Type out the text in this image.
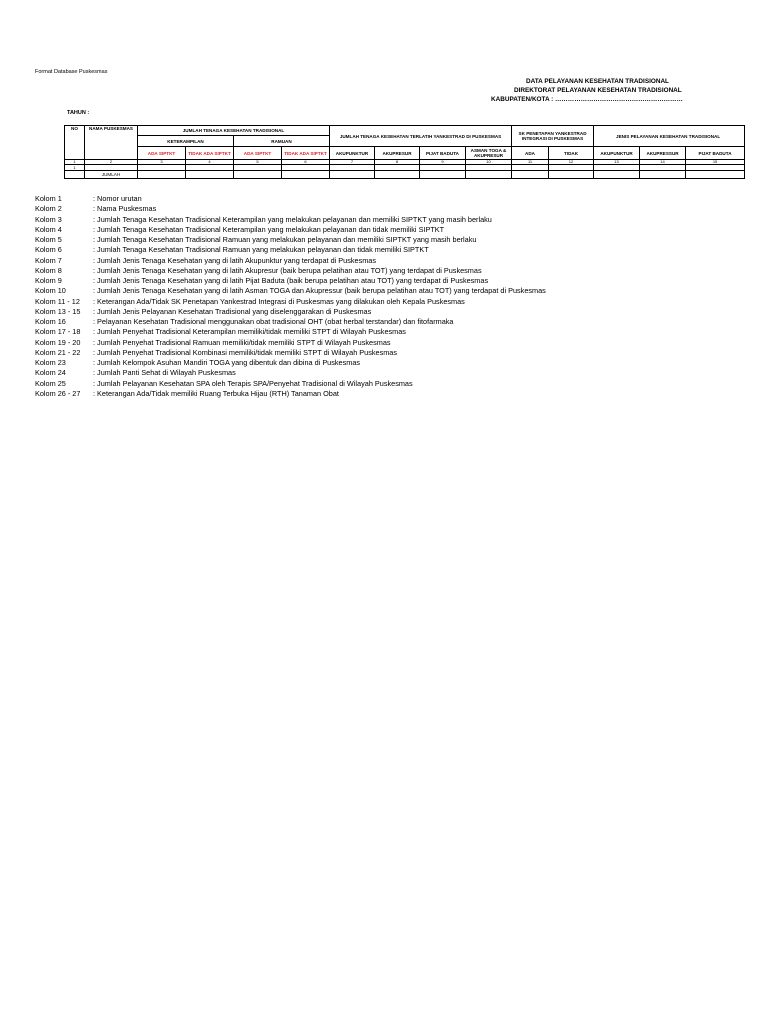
Format Database Puskesmas
DATA PELAYANAN KESEHATAN TRADISIONAL
DIREKTORAT PELAYANAN KESEHATAN TRADISIONAL
KABUPATEN/KOTA : ……………………………………………………
TAHUN :
NO	NAMA PUSKESMAS	JUMLAH TENAGA KESEHATAN TRADISIONAL				JUMLAH TENAGA KESEHATAN TERLATIH YANKESTRAD DI PUSKESMAS				SK PENETAPAN YANKESTRAD INTEGRASI DI PUSKESMAS		JENIS PELAYANAN KESEHATAN TRADISIONAL		
		KETERAMPILAN		RAMUAN										
		ADA SIPTKT	TIDAK ADA SIPTKT	ADA SIPTKT	TIDAK ADA SIPTKT	AKUPUNKTUR	AKUPRESUR	PIJAT BADUTA	ASMAN TOGA & AKUPRESUR	ADA	TIDAK	AKUPUNKTUR	AKUPRESSUR	PIJAT BADUTA
1	2	3	4	5	6	7	8	9	10	11	12	13	14	15
1														
	JUMLAH													
Kolom 1	: Nomor urutan
Kolom 2	: Nama Puskesmas
Kolom 3	: Jumlah Tenaga Kesehatan Tradisional Keterampilan yang melakukan pelayanan dan memiliki SIPTKT yang masih berlaku
Kolom 4	: Jumlah Tenaga Kesehatan Tradisional Keterampilan yang melakukan pelayanan dan tidak memiliki SIPTKT
Kolom 5	: Jumlah Tenaga Kesehatan Tradisional Ramuan yang melakukan pelayanan dan memiliki SIPTKT yang masih berlaku
Kolom 6	: Jumlah Tenaga Kesehatan Tradisional Ramuan yang melakukan pelayanan dan tidak memiliki SIPTKT
Kolom 7	: Jumlah Jenis Tenaga Kesehatan yang di latih Akupunktur yang terdapat di Puskesmas
Kolom 8	: Jumlah Jenis Tenaga Kesehatan yang di latih Akupresur (baik berupa pelatihan atau TOT) yang terdapat di Puskesmas
Kolom 9	: Jumlah Jenis Tenaga Kesehatan yang di latih Pijat Baduta (baik berupa pelatihan atau TOT) yang terdapat di Puskesmas
Kolom 10	: Jumlah Jenis Tenaga Kesehatan yang di latih Asman TOGA dan Akupressur (baik berupa pelatihan atau TOT) yang terdapat di Puskesmas
Kolom 11 - 12	: Keterangan Ada/Tidak SK Penetapan Yankestrad Integrasi di Puskesmas yang dilakukan oleh Kepala Puskesmas
Kolom 13 - 15	: Jumlah Jenis Pelayanan Kesehatan Tradisional yang diselenggarakan di Puskesmas
Kolom 16	: Pelayanan Kesehatan Tradisional menggunakan obat tradisional OHT (obat herbal terstandar) dan fitofarmaka
Kolom 17 - 18	: Jumlah Penyehat Tradisional Keterampilan memiliki/tidak memiliki STPT di Wilayah Puskesmas
Kolom 19 - 20	: Jumlah Penyehat Tradisional Ramuan memiliki/tidak memiliki STPT di Wilayah Puskesmas
Kolom 21 - 22	: Jumlah Penyehat Tradisional Kombinasi memiliki/tidak memiliki STPT di Wilayah Puskesmas
Kolom 23	: Jumlah Kelompok Asuhan Mandiri TOGA yang dibentuk dan dibina di Puskesmas
Kolom 24	: Jumlah Panti Sehat di Wilayah Puskesmas
Kolom 25	: Jumlah Pelayanan Kesehatan SPA oleh Terapis SPA/Penyehat Tradisional di Wilayah Puskesmas
Kolom 26 - 27	: Keterangan Ada/Tidak memiliki Ruang Terbuka Hijau (RTH) Tanaman Obat
